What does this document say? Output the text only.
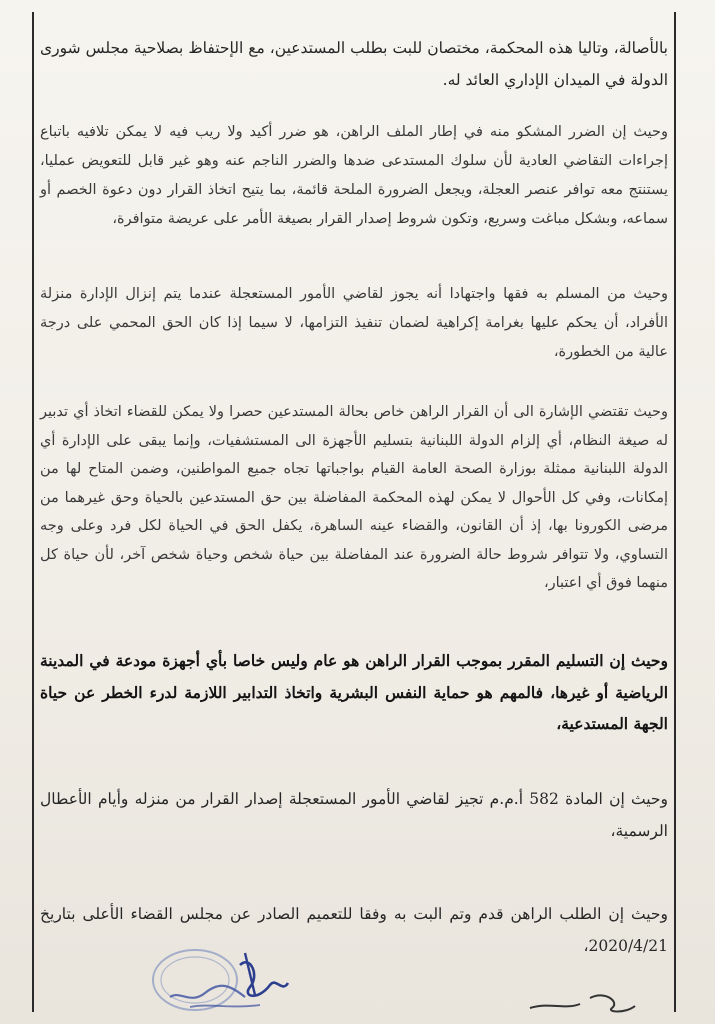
بالأصالة، وتاليا هذه المحكمة، مختصان للبت بطلب المستدعين، مع الإحتفاظ بصلاحية مجلس شورى الدولة في الميدان الإداري العائد له.

وحيث إن الضرر المشكو منه في إطار الملف الراهن، هو ضرر أكيد ولا ريب فيه لا يمكن تلافيه باتباع إجراءات التقاضي العادية لأن سلوك المستدعى ضدها والضرر الناجم عنه وهو غير قابل للتعويض عمليا، يستنتج معه توافر عنصر العجلة، ويجعل الضرورة الملحة قائمة، بما يتيح اتخاذ القرار دون دعوة الخصم أو سماعه، وبشكل مباغت وسريع، وتكون شروط إصدار القرار بصيغة الأمر على عريضة متوافرة،

وحيث من المسلم به فقها واجتهادا أنه يجوز لقاضي الأمور المستعجلة عندما يتم إنزال الإدارة منزلة الأفراد، أن يحكم عليها بغرامة إكراهية لضمان تنفيذ التزامها، لا سيما إذا كان الحق المحمي على درجة عالية من الخطورة،

وحيث تقتضي الإشارة الى أن القرار الراهن خاص بحالة المستدعين حصرا ولا يمكن للقضاء اتخاذ أي تدبير له صيغة النظام، أي إلزام الدولة اللبنانية بتسليم الأجهزة الى المستشفيات، وإنما يبقى على الإدارة أي الدولة اللبنانية ممثلة بوزارة الصحة العامة القيام بواجباتها تجاه جميع المواطنين، وضمن المتاح لها من إمكانات، وفي كل الأحوال لا يمكن لهذه المحكمة المفاضلة بين حق المستدعين بالحياة وحق غيرهما من مرضى الكورونا بها، إذ أن القانون، والقضاء عينه الساهرة، يكفل الحق في الحياة لكل فرد وعلى وجه التساوي، ولا تتوافر شروط حالة الضرورة عند المفاضلة بين حياة شخص وحياة شخص آخر، لأن حياة كل منهما فوق أي اعتبار،

وحيث إن التسليم المقرر بموجب القرار الراهن هو عام وليس خاصا بأي أجهزة مودعة في المدينة الرياضية أو غيرها، فالمهم هو حماية النفس البشرية واتخاذ التدابير اللازمة لدرء الخطر عن حياة الجهة المستدعية،

وحيث إن المادة 582 أ.م.م تجيز لقاضي الأمور المستعجلة إصدار القرار من منزله وأيام الأعطال الرسمية،

وحيث إن الطلب الراهن قدم وتم البت به وفقا للتعميم الصادر عن مجلس القضاء الأعلى بتاريخ 2020/4/21،
